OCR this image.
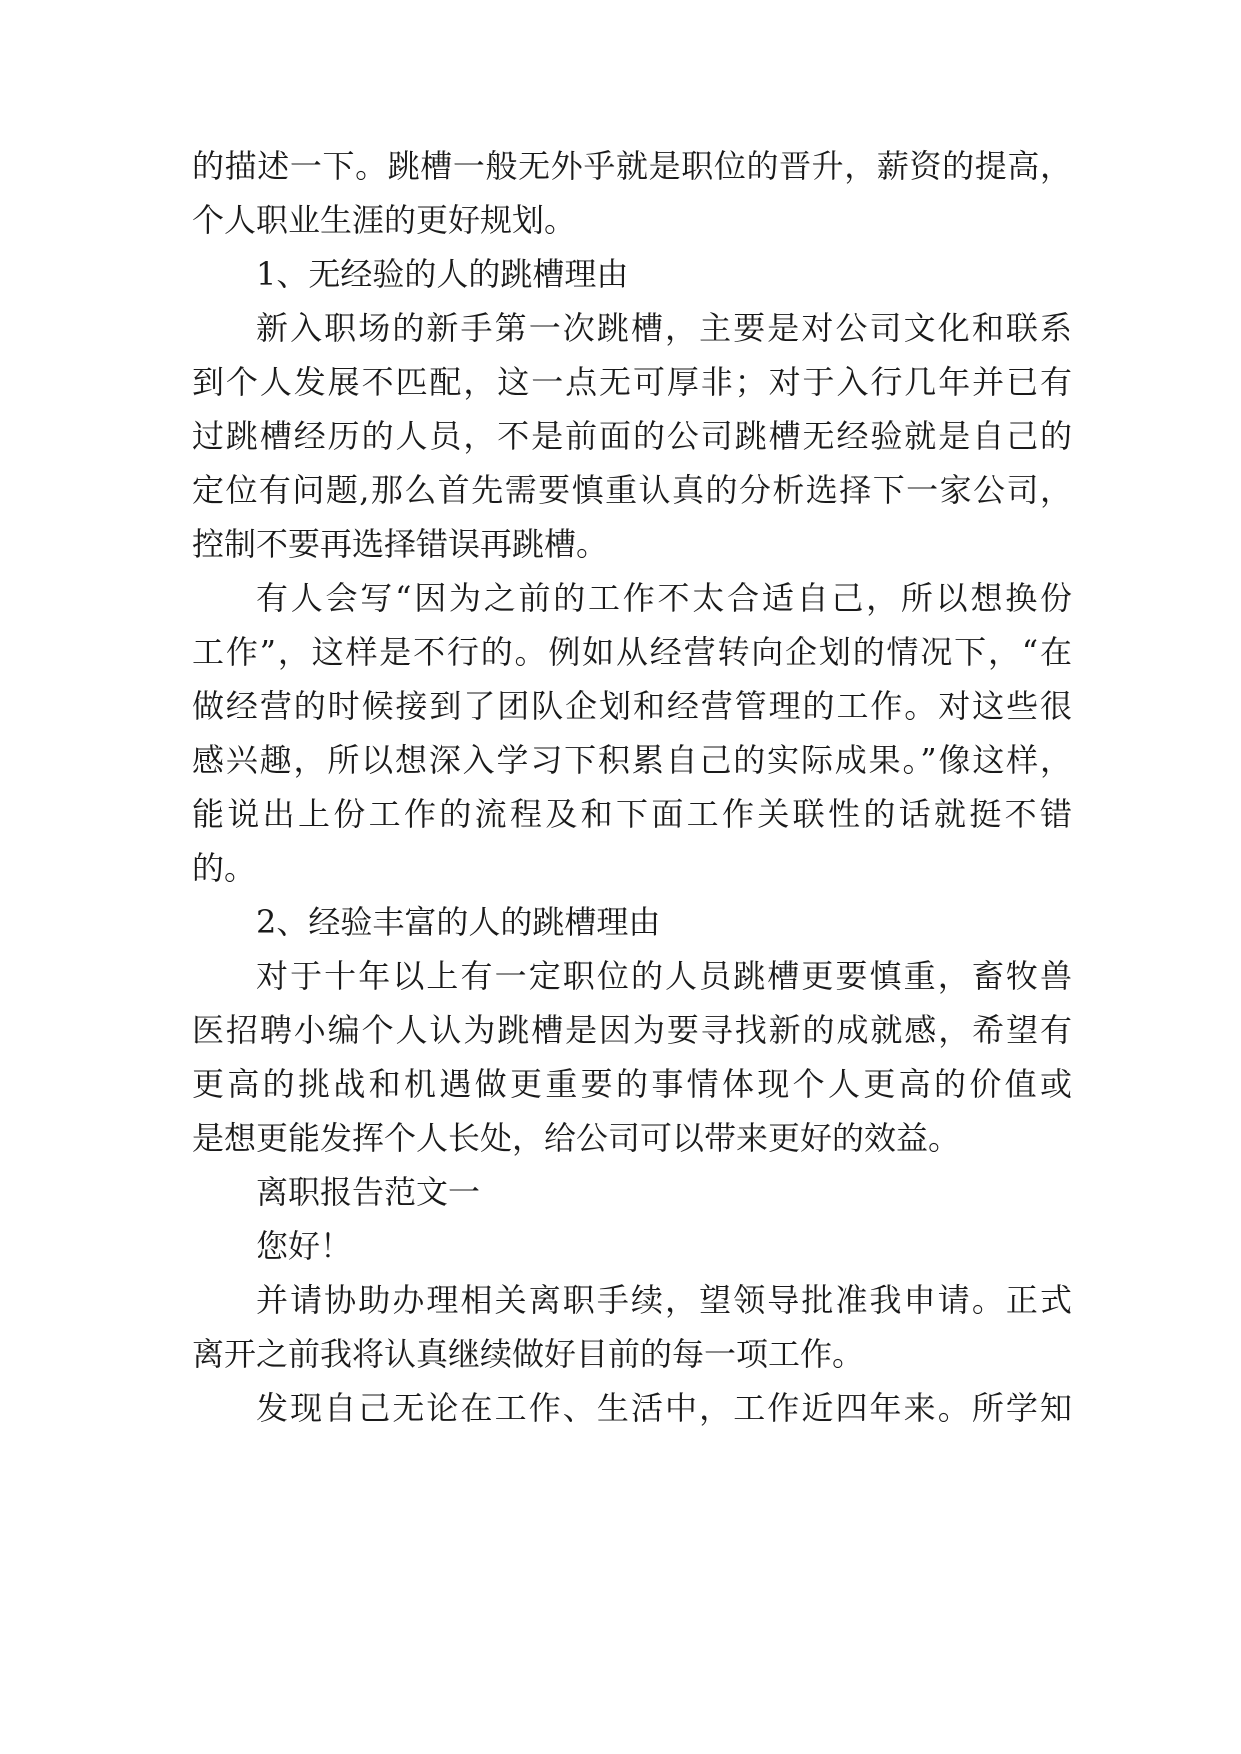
的描述一下。跳槽一般无外乎就是职位的晋升，薪资的提高，
个人职业生涯的更好规划。
1、无经验的人的跳槽理由
新入职场的新手第一次跳槽，主要是对公司文化和联系
到个人发展不匹配，这一点无可厚非；对于入行几年并已有
过跳槽经历的人员，不是前面的公司跳槽无经验就是自己的
定位有问题,那么首先需要慎重认真的分析选择下一家公司，
控制不要再选择错误再跳槽。
有人会写“因为之前的工作不太合适自己，所以想换份
工作”，这样是不行的。例如从经营转向企划的情况下，“在
做经营的时候接到了团队企划和经营管理的工作。对这些很
感兴趣，所以想深入学习下积累自己的实际成果。”像这样，
能说出上份工作的流程及和下面工作关联性的话就挺不错
的。
2、经验丰富的人的跳槽理由
对于十年以上有一定职位的人员跳槽更要慎重，畜牧兽
医招聘小编个人认为跳槽是因为要寻找新的成就感，希望有
更高的挑战和机遇做更重要的事情体现个人更高的价值或
是想更能发挥个人长处，给公司可以带来更好的效益。
离职报告范文一
您好！
并请协助办理相关离职手续，望领导批准我申请。正式
离开之前我将认真继续做好目前的每一项工作。
发现自己无论在工作、生活中，工作近四年来。所学知
